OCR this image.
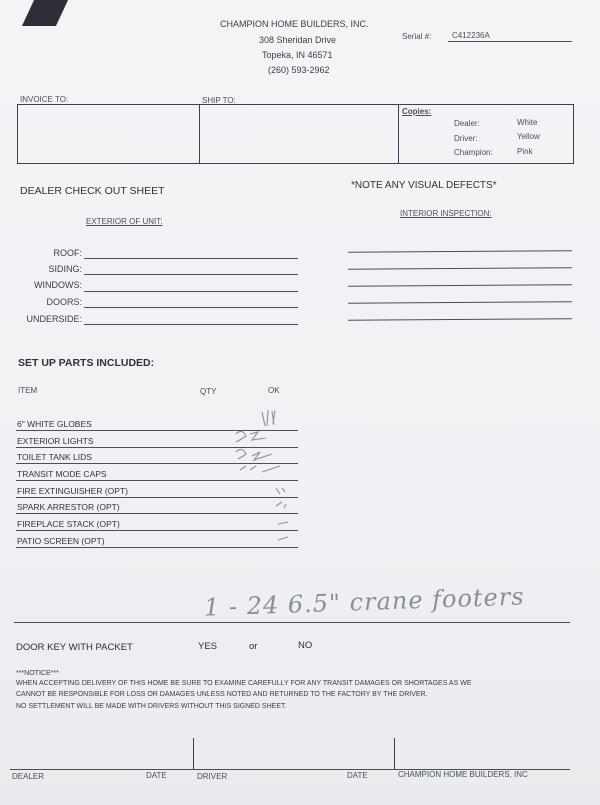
CHAMPION HOME BUILDERS, INC.
308 Sheridan Drive
Topeka, IN 46571
(260) 593-2962
Serial #:	C412236A
INVOICE TO:	SHIP TO:
Copies:
Dealer:	White
Driver:	Yellow
Champion:	Pink
DEALER CHECK OUT SHEET	*NOTE ANY VISUAL DEFECTS*
EXTERIOR OF UNIT:
INTERIOR INSPECTION:
ROOF:
SIDING:
WINDOWS:
DOORS:
UNDERSIDE:
SET UP PARTS INCLUDED:
ITEM	QTY	OK
6" WHITE GLOBES
EXTERIOR LIGHTS
TOILET TANK LIDS
TRANSIT MODE CAPS
FIRE EXTINGUISHER (OPT)
SPARK ARRESTOR (OPT)
FIREPLACE STACK (OPT)
PATIO SCREEN (OPT)
1 - 24 6.5" crane footers
DOOR KEY WITH PACKET	YES	or	NO
***NOTICE***
WHEN ACCEPTING DELIVERY OF THIS HOME BE SURE TO EXAMINE CAREFULLY FOR ANY TRANSIT DAMAGES OR SHORTAGES AS WE
CANNOT BE RESPONSIBLE FOR LOSS OR DAMAGES UNLESS NOTED AND RETURNED TO THE FACTORY BY THE DRIVER.
NO SETTLEMENT WILL BE MADE WITH DRIVERS WITHOUT THIS SIGNED SHEET.
DEALER	DATE	DRIVER	DATE	CHAMPION HOME BUILDERS, INC
